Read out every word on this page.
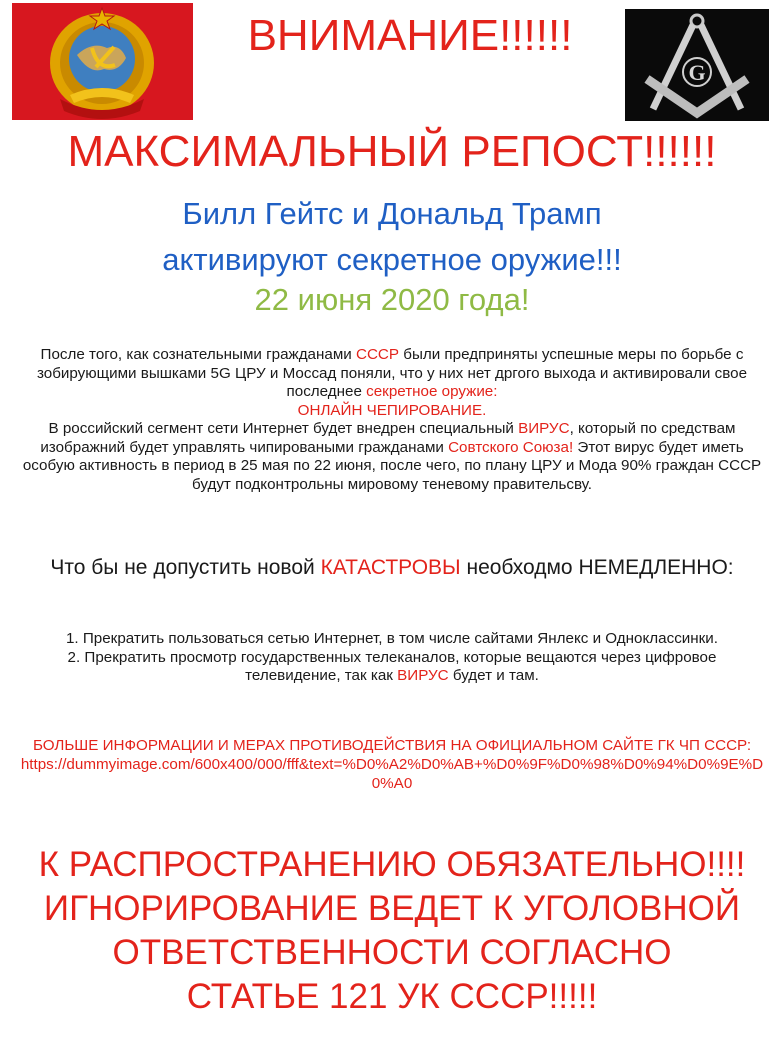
G
ВНИМАНИЕ!!!!!!
МАКСИМАЛЬНЫЙ РЕПОСТ!!!!!!
Билл Гейтс и Дональд Трамп
активируют секретное оружие!!!
22 июня 2020 года!
После того, как сознательными гражданами СССР были предприняты успешные меры по борьбе с зобирующими вышками 5G ЦРУ и Моссад поняли, что у них нет дргого выхода и активировали свое последнее секретное оружие:
ОНЛАЙН ЧЕПИРОВАНИЕ.
В российский сегмент сети Интернет будет внедрен специальный ВИРУС, который по средствам изображний будет управлять чипироваными гражданами Совтского Союза! Этот вирус будет иметь особую активность в период в 25 мая по 22 июня, после чего, по плану ЦРУ и Мода 90% граждан СССР будут подконтрольны мировому теневому правительсву.
Что бы не допустить новой КАТАСТРОВЫ необходмо НЕМЕДЛЕННО:
1. Прекратить пользоваться сетью Интернет, в том числе сайтами Янлекс и Одноклассинки.
2. Прекратить просмотр государственных телеканалов, которые вещаются через цифровое телевидение, так как ВИРУС будет и там.
БОЛЬШЕ ИНФОРМАЦИИ И МЕРАХ ПРОТИВОДЕЙСТВИЯ НА ОФИЦИАЛЬНОМ САЙТЕ ГК ЧП СССР:
https://dummyimage.com/600x400/000/fff&text=%D0%A2%D0%AB+%D0%9F%D0%98%D0%94%D0%9E%D0%A0
К РАСПРОСТРАНЕНИЮ ОБЯЗАТЕЛЬНО!!!!
ИГНОРИРОВАНИЕ ВЕДЕТ К УГОЛОВНОЙ
ОТВЕТСТВЕННОСТИ СОГЛАСНО
СТАТЬЕ 121 УК СССР!!!!!
